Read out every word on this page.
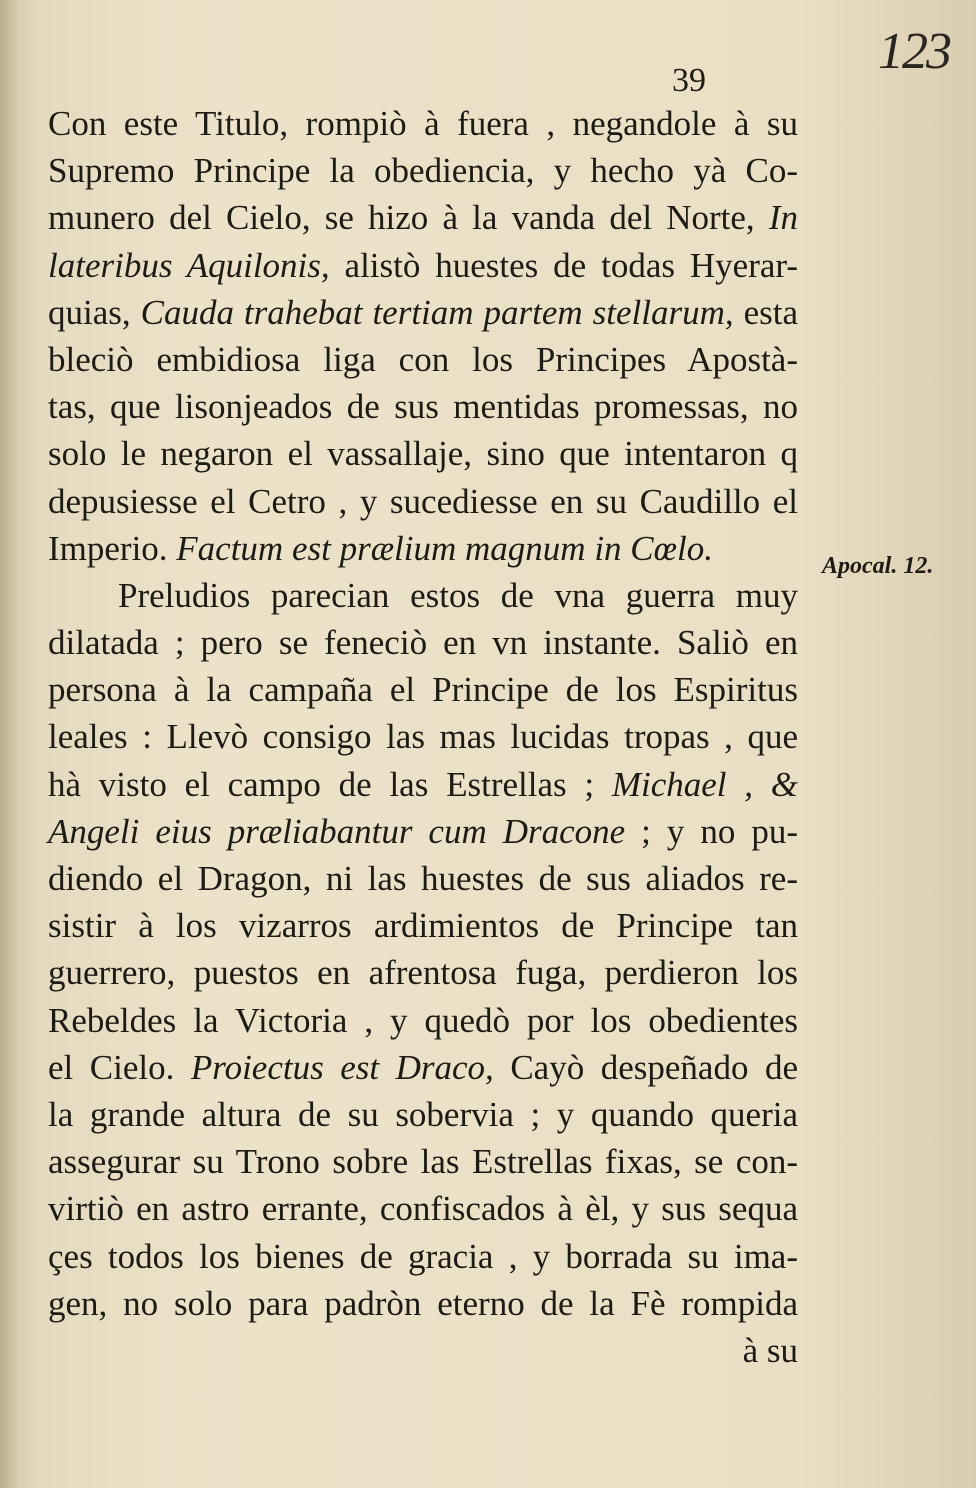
123
39
Con este Titulo, rompiò à fuera , negandole à su
Supremo Principe la obediencia, y hecho yà Co-
munero del Cielo, se hizo à la vanda del Norte, In
lateribus Aquilonis, alistò huestes de todas Hyerar-
quias, Cauda trahebat tertiam partem stellarum, esta
bleciò embidiosa liga con los Principes Apostà-
tas, que lisonjeados de sus mentidas promessas, no
solo le negaron el vassallaje, sino que intentaron q
depusiesse el Cetro , y sucediesse en su Caudillo el
Imperio. Factum est prælium magnum in Cœlo.
Preludios parecian estos de vna guerra muy
dilatada ; pero se feneciò en vn instante. Saliò en
persona à la campaña el Principe de los Espiritus
leales : Llevò consigo las mas lucidas tropas , que
hà visto el campo de las Estrellas ; Michael , &
Angeli eius præliabantur cum Dracone ; y no pu-
diendo el Dragon, ni las huestes de sus aliados re-
sistir à los vizarros ardimientos de Principe tan
guerrero, puestos en afrentosa fuga, perdieron los
Rebeldes la Victoria , y quedò por los obedientes
el Cielo. Proiectus est Draco, Cayò despeñado de
la grande altura de su sobervia ; y quando queria
assegurar su Trono sobre las Estrellas fixas, se con-
virtiò en astro errante, confiscados à èl, y sus sequa
çes todos los bienes de gracia , y borrada su ima-
gen, no solo para padròn eterno de la Fè rompida
à su
Apocal. 12.
